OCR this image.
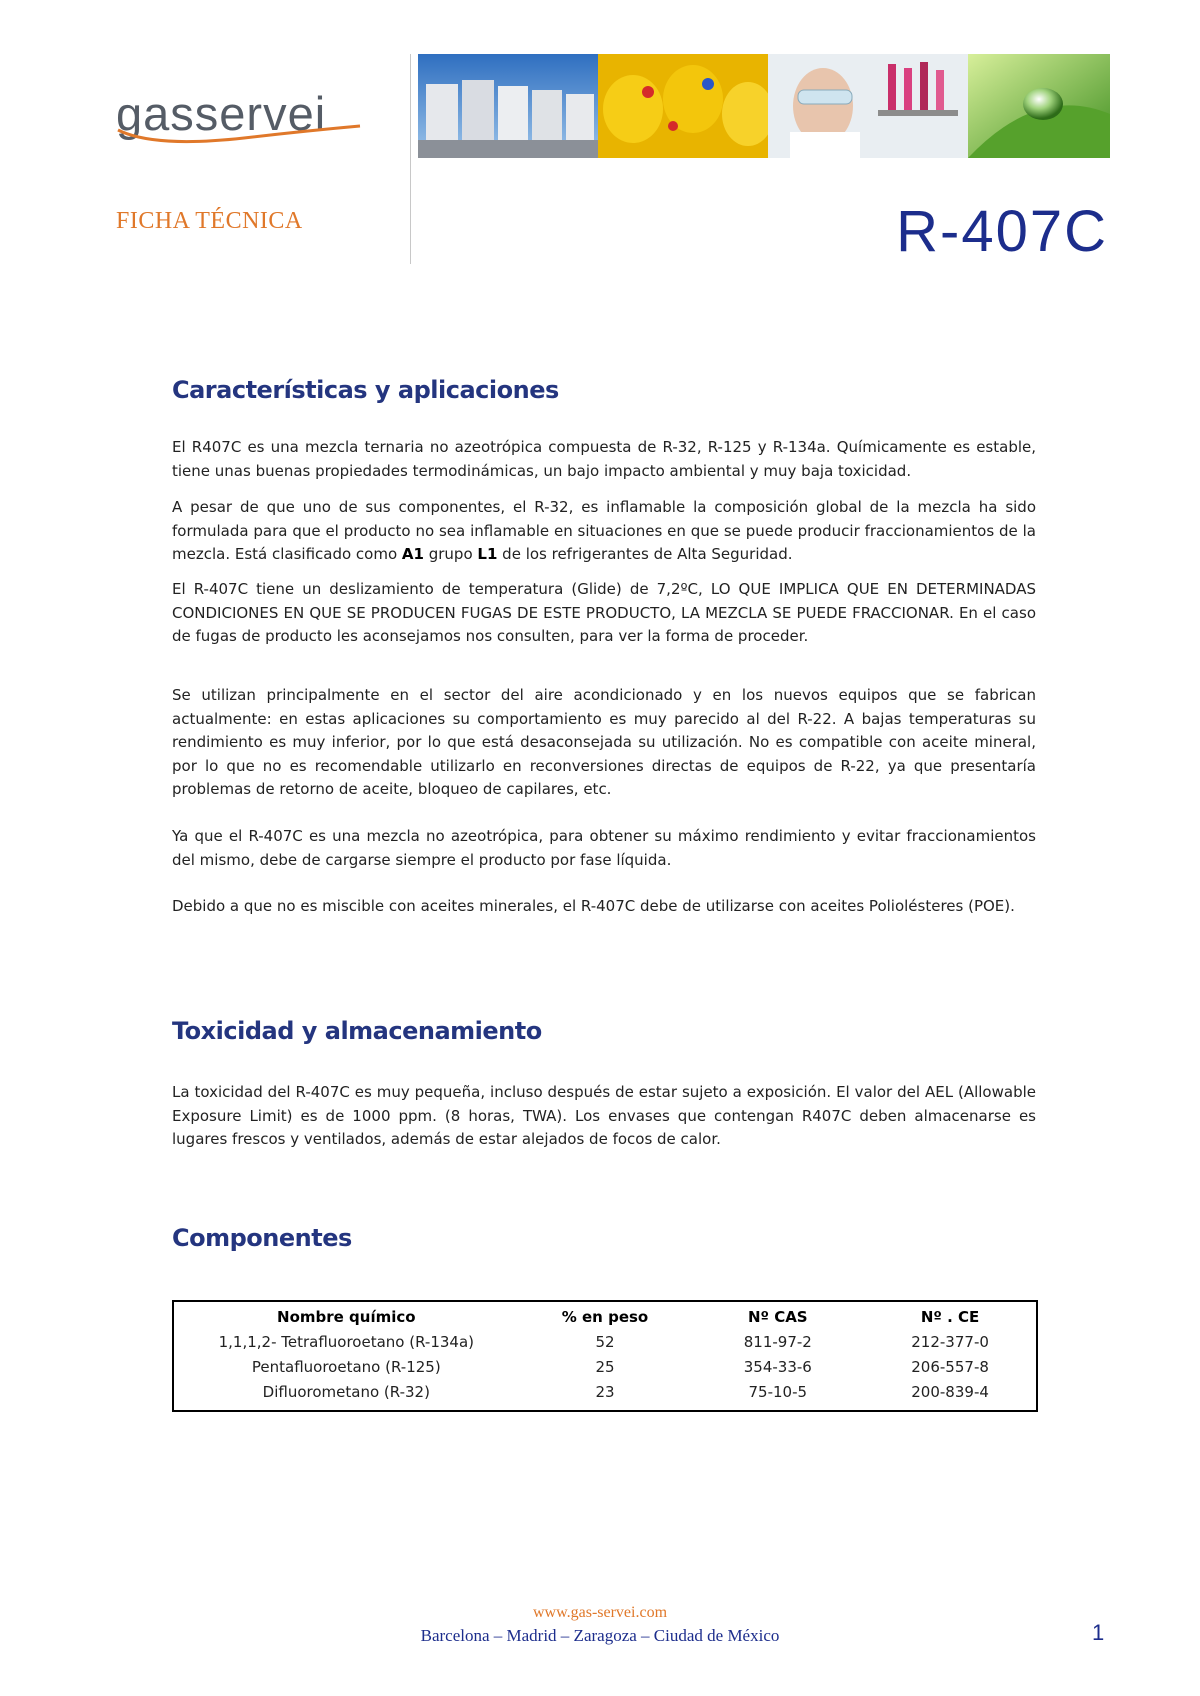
gasservei
FICHA TÉCNICA	R-407C
Características y aplicaciones
El R407C es una mezcla ternaria no azeotrópica compuesta de R-32, R-125 y R-134a. Químicamente es estable, tiene unas buenas propiedades termodinámicas, un bajo impacto ambiental y muy baja toxicidad.
A pesar de que uno de sus componentes, el R-32, es inflamable la composición global de la mezcla ha sido formulada para que el producto no sea inflamable en situaciones en que se puede producir fraccionamientos de la mezcla. Está clasificado como A1 grupo L1 de los refrigerantes de Alta Seguridad.
El R-407C tiene un deslizamiento de temperatura (Glide) de 7,2ºC, LO QUE IMPLICA QUE EN DETERMINADAS CONDICIONES EN QUE SE PRODUCEN FUGAS DE ESTE PRODUCTO, LA MEZCLA SE PUEDE FRACCIONAR. En el caso de fugas de producto les aconsejamos nos consulten, para ver la forma de proceder.
Se utilizan principalmente en el sector del aire acondicionado y en los nuevos equipos que se fabrican actualmente: en estas aplicaciones su comportamiento es muy parecido al del R-22. A bajas temperaturas su rendimiento es muy inferior, por lo que está desaconsejada su utilización. No es compatible con aceite mineral, por lo que no es recomendable utilizarlo en reconversiones directas de equipos de R-22, ya que presentaría problemas de retorno de aceite, bloqueo de capilares, etc.
Ya que el R-407C es una mezcla no azeotrópica, para obtener su máximo rendimiento y evitar fraccionamientos del mismo, debe de cargarse siempre el producto por fase líquida.
Debido a que no es miscible con aceites minerales, el R-407C debe de utilizarse con aceites Poliolésteres (POE).
Toxicidad y almacenamiento
La toxicidad del R-407C es muy pequeña, incluso después de estar sujeto a exposición. El valor del AEL (Allowable Exposure Limit) es de 1000 ppm. (8 horas, TWA). Los envases que contengan R407C deben almacenarse es lugares frescos y ventilados, además de estar alejados de focos de calor.
Componentes
Nombre químico	% en peso	Nº CAS	Nº . CE
1,1,1,2- Tetrafluoroetano (R-134a)	52	811-97-2	212-377-0
Pentafluoroetano (R-125)	25	354-33-6	206-557-8
Difluorometano (R-32)	23	75-10-5	200-839-4
www.gas-servei.com
Barcelona – Madrid – Zaragoza – Ciudad de México	1
